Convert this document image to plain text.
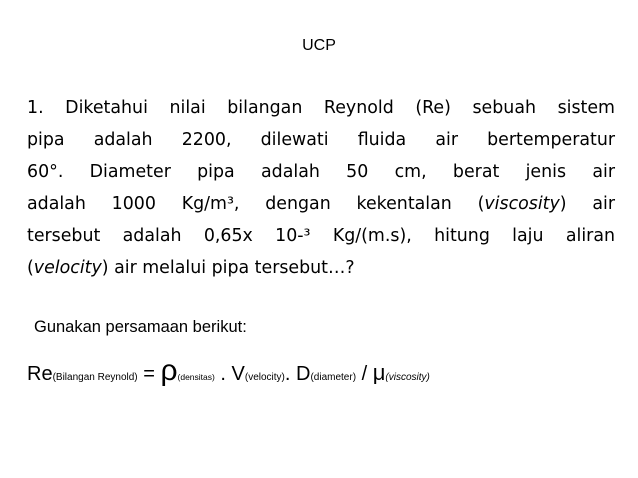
UCP

1. Diketahui nilai bilangan Reynold (Re) sebuah sistem

pipa adalah 2200, dilewati fluida air bertemperatur

60°. Diameter pipa adalah 50 cm, berat jenis air

adalah 1000 Kg/m³, dengan kekentalan (viscosity) air

tersebut adalah 0,65x 10-³ Kg/(m.s), hitung laju aliran

(velocity) air melalui pipa tersebut…?

Gunakan persamaan berikut:
Re(Bilangan Reynold) = ρ(densitas) . V(velocity). D(diameter) / μ(viscosity)
